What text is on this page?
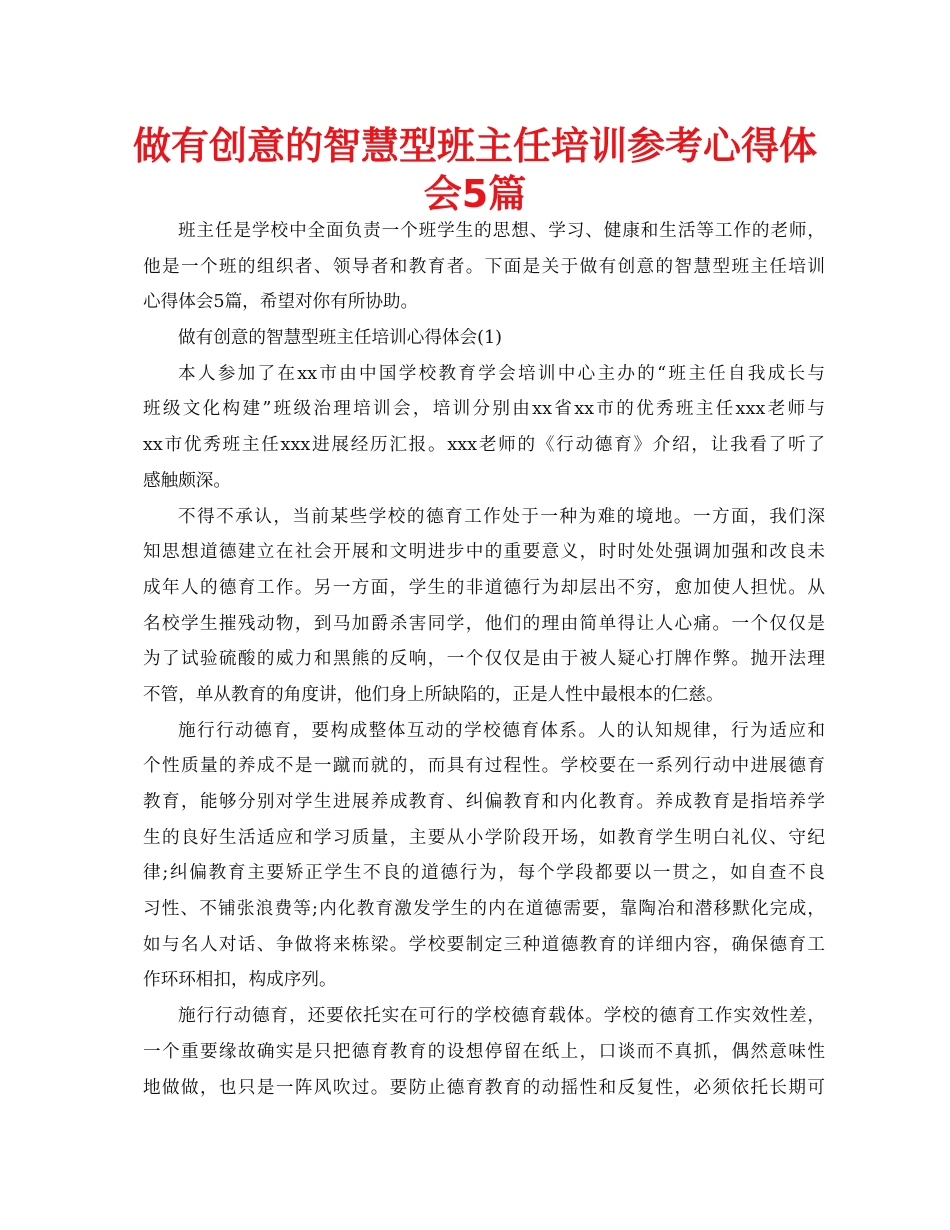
做有创意的智慧型班主任培训参考心得体
会5篇
班主任是学校中全面负责一个班学生的思想、学习、健康和生活等工作的老师，
他是一个班的组织者、领导者和教育者。下面是关于做有创意的智慧型班主任培训
心得体会5篇，希望对你有所协助。
做有创意的智慧型班主任培训心得体会(1)
本人参加了在xx市由中国学校教育学会培训中心主办的“班主任自我成长与
班级文化构建”班级治理培训会，培训分别由xx省xx市的优秀班主任xxx老师与
xx市优秀班主任xxx进展经历汇报。xxx老师的《行动德育》介绍，让我看了听了
感触颇深。
不得不承认，当前某些学校的德育工作处于一种为难的境地。一方面，我们深
知思想道德建立在社会开展和文明进步中的重要意义，时时处处强调加强和改良未
成年人的德育工作。另一方面，学生的非道德行为却层出不穷，愈加使人担忧。从
名校学生摧残动物，到马加爵杀害同学，他们的理由简单得让人心痛。一个仅仅是
为了试验硫酸的威力和黑熊的反响，一个仅仅是由于被人疑心打牌作弊。抛开法理
不管，单从教育的角度讲，他们身上所缺陷的，正是人性中最根本的仁慈。
施行行动德育，要构成整体互动的学校德育体系。人的认知规律，行为适应和
个性质量的养成不是一蹴而就的，而具有过程性。学校要在一系列行动中进展德育
教育，能够分别对学生进展养成教育、纠偏教育和内化教育。养成教育是指培养学
生的良好生活适应和学习质量，主要从小学阶段开场，如教育学生明白礼仪、守纪
律;纠偏教育主要矫正学生不良的道德行为，每个学段都要以一贯之，如自查不良
习性、不铺张浪费等;内化教育激发学生的内在道德需要，靠陶冶和潜移默化完成，
如与名人对话、争做将来栋梁。学校要制定三种道德教育的详细内容，确保德育工
作环环相扣，构成序列。
施行行动德育，还要依托实在可行的学校德育载体。学校的德育工作实效性差，
一个重要缘故确实是只把德育教育的设想停留在纸上，口谈而不真抓，偶然意味性
地做做，也只是一阵风吹过。要防止德育教育的动摇性和反复性，必须依托长期可
